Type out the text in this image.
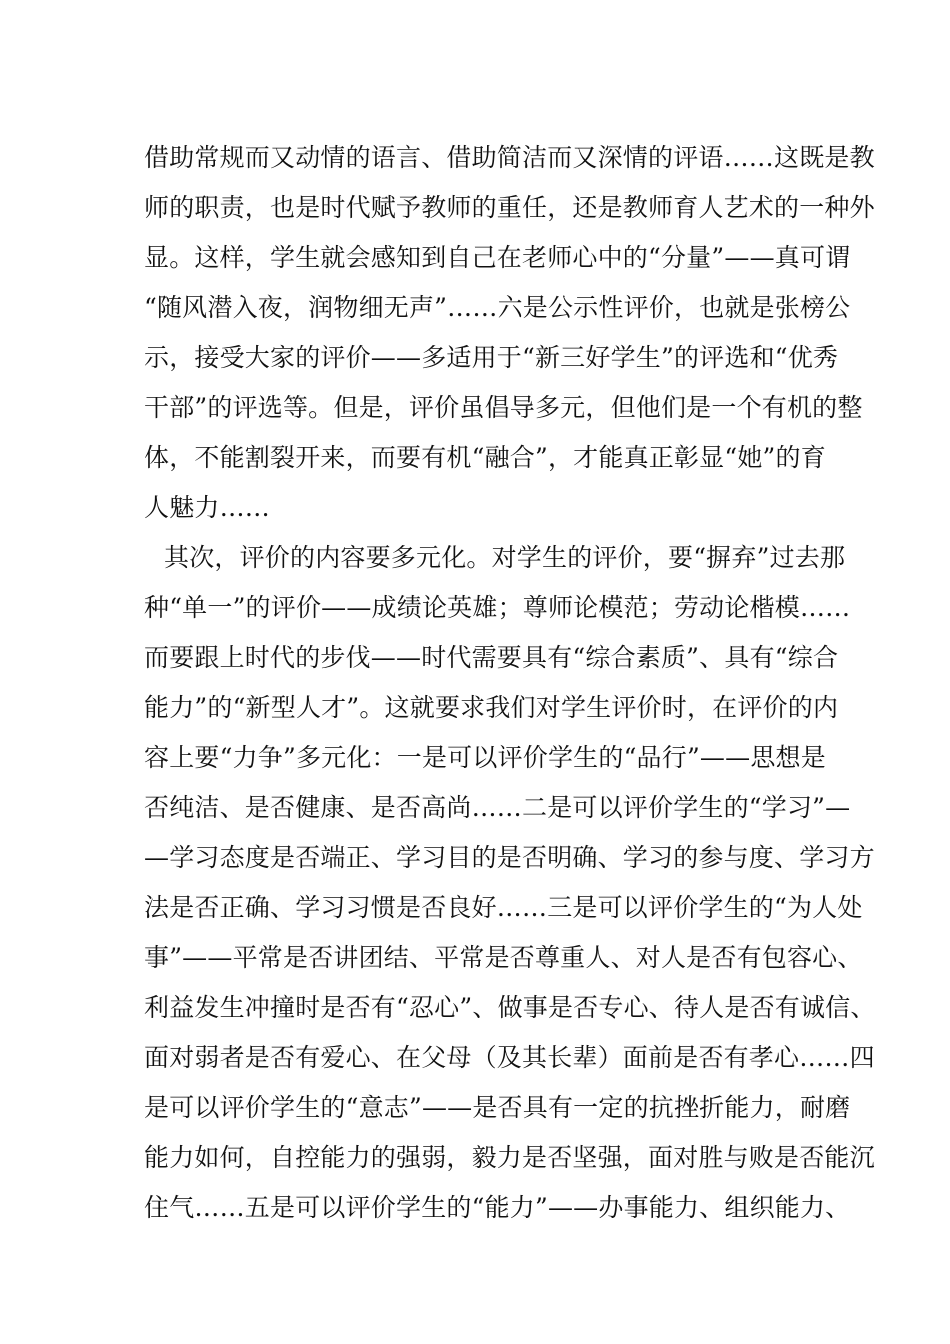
借助常规而又动情的语言、借助简洁而又深情的评语……这既是教
师的职责，也是时代赋予教师的重任，还是教师育人艺术的一种外
显。这样，学生就会感知到自己在老师心中的“分量”——真可谓
“随风潜入夜，润物细无声”……六是公示性评价，也就是张榜公
示，接受大家的评价——多适用于“新三好学生”的评选和“优秀
干部”的评选等。但是，评价虽倡导多元，但他们是一个有机的整
体，不能割裂开来，而要有机“融合”，才能真正彰显“她”的育
人魅力……
其次，评价的内容要多元化。对学生的评价，要“摒弃”过去那
种“单一”的评价——成绩论英雄；尊师论模范；劳动论楷模……
而要跟上时代的步伐——时代需要具有“综合素质”、具有“综合
能力”的“新型人才”。这就要求我们对学生评价时，在评价的内
容上要“力争”多元化：一是可以评价学生的“品行”——思想是
否纯洁、是否健康、是否高尚……二是可以评价学生的“学习”—
—学习态度是否端正、学习目的是否明确、学习的参与度、学习方
法是否正确、学习习惯是否良好……三是可以评价学生的“为人处
事”——平常是否讲团结、平常是否尊重人、对人是否有包容心、
利益发生冲撞时是否有“忍心”、做事是否专心、待人是否有诚信、
面对弱者是否有爱心、在父母（及其长辈）面前是否有孝心……四
是可以评价学生的“意志”——是否具有一定的抗挫折能力，耐磨
能力如何，自控能力的强弱，毅力是否坚强，面对胜与败是否能沉
住气……五是可以评价学生的“能力”——办事能力、组织能力、
